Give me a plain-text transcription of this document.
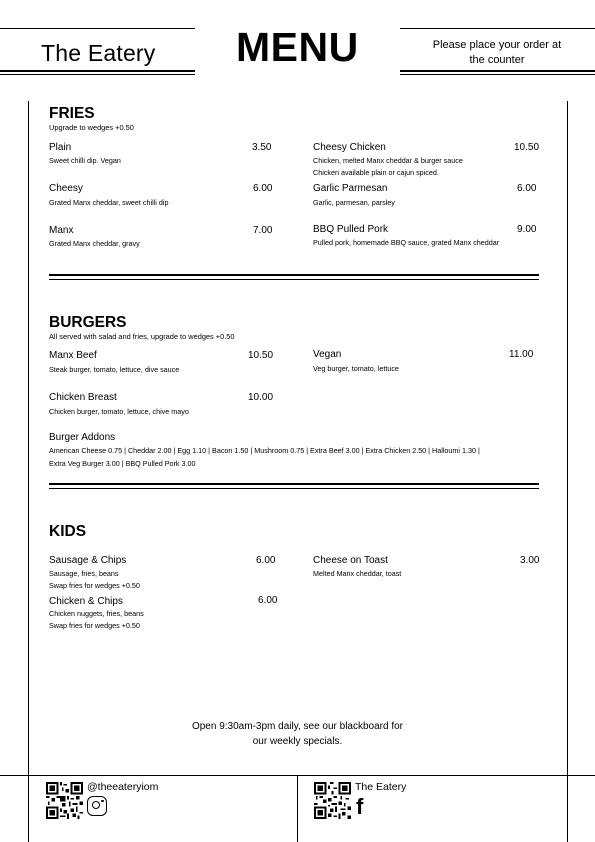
The Eatery MENU	Please place your order at
the counter
FRIES
Upgrade to wedges +0.50
Plain	3.50
Sweet chilli dip. Vegan
Cheesy	6.00
Grated Manx cheddar, sweet chilli dip
Manx	7.00
Grated Manx cheddar, gravy
Cheesy Chicken	10.50
Chicken, melted Manx cheddar & burger sauce
Chicken available plain or cajun spiced.
Garlic Parmesan	6.00
Garlic, parmesan, parsley
BBQ Pulled Pork	9.00
Pulled pork, homemade BBQ sauce, grated Manx cheddar
BURGERS
All served with salad and fries, upgrade to wedges +0.50
Manx Beef	10.50
Steak burger, tomato, lettuce, dive sauce
Chicken Breast	10.00
Chicken burger, tomato, lettuce, chive mayo
Vegan	11.00
Veg burger, tomato, lettuce
Burger Addons
American Cheese 0.75 | Cheddar 2.00 | Egg 1.10 | Bacon 1.50 | Mushroom 0.75 | Extra Beef 3.00 | Extra Chicken 2.50 | Halloumi 1.30 |
Extra Veg Burger 3.00 | BBQ Pulled Pork 3.00
KIDS
Sausage & Chips	6.00
Sausage, fries, beans
Swap fries for wedges +0.50
Chicken & Chips	6.00
Chicken nuggets, fries, beans
Swap fries for wedges +0.50
Cheese on Toast	3.00
Melted Manx cheddar, toast
Open 9:30am-3pm daily, see our blackboard for
our weekly specials.
@theeateryiom	The Eatery
f
